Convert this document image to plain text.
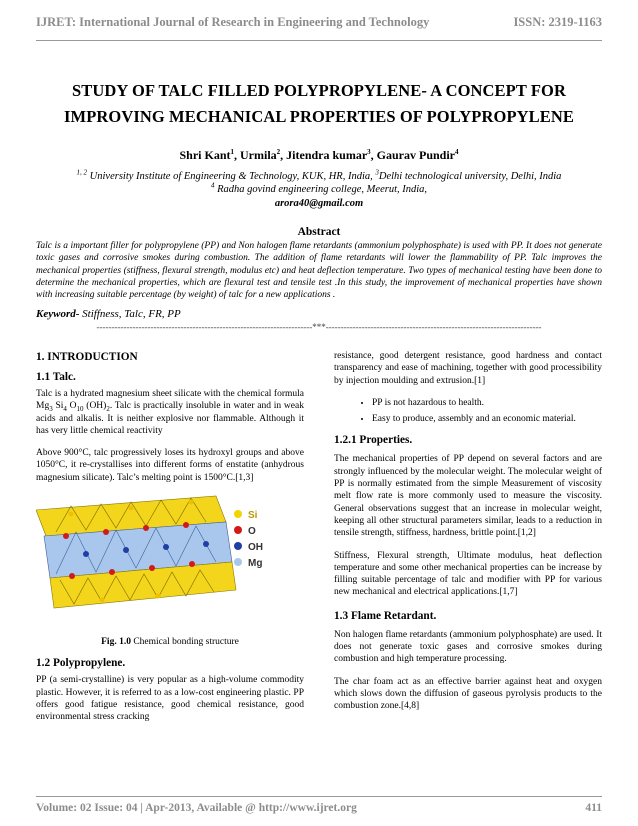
IJRET: International Journal of Research in Engineering and Technology	ISSN: 2319-1163
STUDY OF TALC FILLED POLYPROPYLENE- A CONCEPT FOR
IMPROVING MECHANICAL PROPERTIES OF POLYPROPYLENE
Shri Kant$^1$, Urmila$^2$, Jitendra kumar$^3$, Gaurav Pundir$^4$
$^{1, 2}$ University Institute of Engineering & Technology, KUK, HR, India, $^3$Delhi technological university, Delhi, India
$^4$ Radha govind engineering college, Meerut, India,
arora40@gmail.com
Abstract
Talc is a important filler for polypropylene (PP) and Non halogen flame retardants (ammonium polyphosphate) is used with PP. It does not generate toxic gases and corrosive smokes during combustion. The addition of flame retardants will lower the flammability of PP. Talc improves the mechanical properties (stiffness, flexural strength, modulus etc) and heat deflection temperature. Two types of mechanical testing have been done to determine the mechanical properties, which are flexural test and tensile test .In this study, the improvement of mechanical properties have shown with increasing suitable percentage (by weight) of talc for a new applications .
Keyword- Stiffness, Talc, FR, PP
------------------------------------------------------------------------***------------------------------------------------------------------------

1. INTRODUCTION

1.1 Talc.

Talc is a hydrated magnesium sheet silicate with the chemical formula $Mg_3$ $Si_4$ $O_{10}$ $(OH)_2$. Talc is practically insoluble in water and in weak acids and alkalis. It is neither explosive nor flammable. Although it has very little chemical reactivity

Above 900°C, talc progressively loses its hydroxyl groups and above 1050°C, it re-crystallises into different forms of enstatite (anhydrous magnesium silicate). Talc’s melting point is 1500°C.[1,3]

Si
O
OH
Mg

Fig. 1.0 Chemical bonding structure

1.2 Polypropylene.

PP (a semi-crystalline) is very popular as a high-volume commodity plastic. However, it is referred to as a low-cost engineering plastic. PP offers good fatigue resistance, good chemical resistance, good environmental stress cracking

resistance, good detergent resistance, good hardness and contact transparency and ease of machining, together with good processibility by injection moulding and extrusion.[1]

• PP is not hazardous to health.
• Easy to produce, assembly and an economic material.

1.2.1 Properties.

The mechanical properties of PP depend on several factors and are strongly influenced by the molecular weight. The molecular weight of PP is normally estimated from the simple Measurement of viscosity melt flow rate is more commonly used to measure the viscosity. General observations suggest that an increase in molecular weight, keeping all other structural parameters similar, leads to a reduction in tensile strength, stiffness, hardness, brittle point.[1,2]

Stiffness, Flexural strength, Ultimate modulus, heat deflection temperature and some other mechanical properties can be increase by filling suitable percentage of talc and modifier with PP for various new mechanical and electrical applications.[1,7]

1.3 Flame Retardant.

Non halogen flame retardants (ammonium polyphosphate) are used. It does not generate toxic gases and corrosive smokes during combustion and high temperature processing.

The char foam act as an effective barrier against heat and oxygen which slows down the diffusion of gaseous pyrolysis products to the combustion zone.[4,8]

Volume: 02 Issue: 04 | Apr-2013, Available @ http://www.ijret.org	411
